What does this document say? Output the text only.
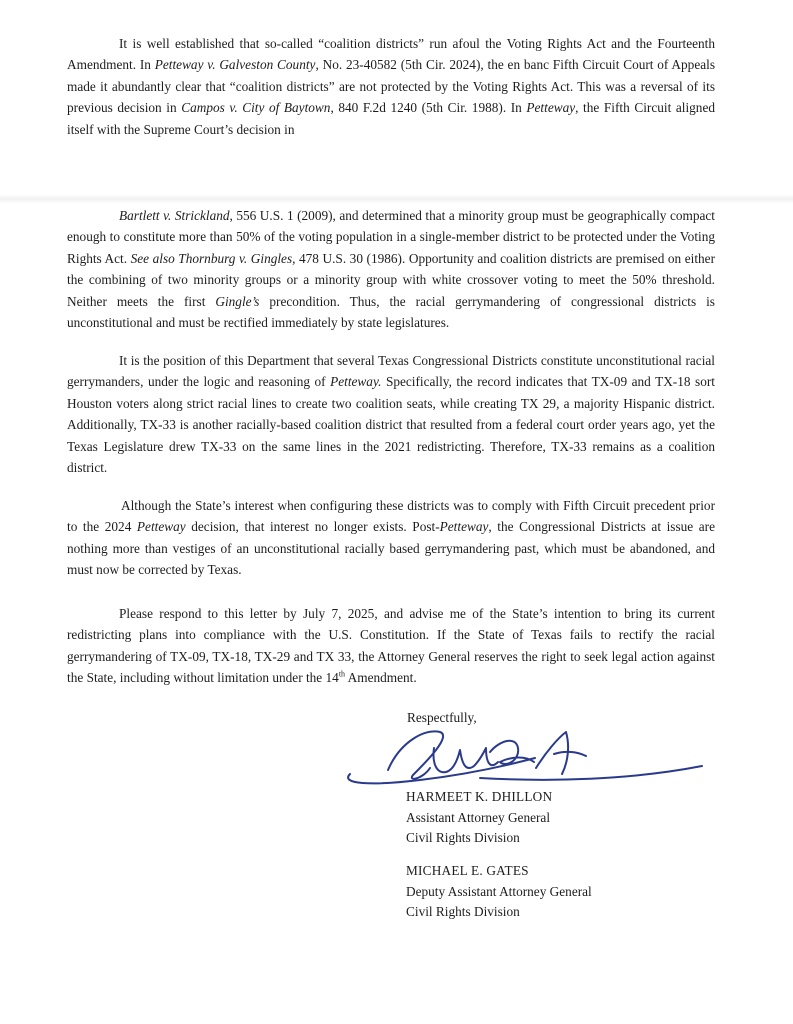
It is well established that so-called “coalition districts” run afoul the Voting Rights Act and the Fourteenth Amendment. In Petteway v. Galveston County, No. 23-40582 (5th Cir. 2024), the en banc Fifth Circuit Court of Appeals made it abundantly clear that “coalition districts” are not protected by the Voting Rights Act. This was a reversal of its previous decision in Campos v. City of Baytown, 840 F.2d 1240 (5th Cir. 1988). In Petteway, the Fifth Circuit aligned itself with the Supreme Court’s decision in

Bartlett v. Strickland, 556 U.S. 1 (2009), and determined that a minority group must be geographically compact enough to constitute more than 50% of the voting population in a single-member district to be protected under the Voting Rights Act. See also Thornburg v. Gingles, 478 U.S. 30 (1986). Opportunity and coalition districts are premised on either the combining of two minority groups or a minority group with white crossover voting to meet the 50% threshold. Neither meets the first Gingle’s precondition. Thus, the racial gerrymandering of congressional districts is unconstitutional and must be rectified immediately by state legislatures.

It is the position of this Department that several Texas Congressional Districts constitute unconstitutional racial gerrymanders, under the logic and reasoning of Petteway. Specifically, the record indicates that TX-09 and TX-18 sort Houston voters along strict racial lines to create two coalition seats, while creating TX 29, a majority Hispanic district. Additionally, TX-33 is another racially-based coalition district that resulted from a federal court order years ago, yet the Texas Legislature drew TX-33 on the same lines in the 2021 redistricting. Therefore, TX-33 remains as a coalition district.

Although the State’s interest when configuring these districts was to comply with Fifth Circuit precedent prior to the 2024 Petteway decision, that interest no longer exists. Post-Petteway, the Congressional Districts at issue are nothing more than vestiges of an unconstitutional racially based gerrymandering past, which must be abandoned, and must now be corrected by Texas.

Please respond to this letter by July 7, 2025, and advise me of the State’s intention to bring its current redistricting plans into compliance with the U.S. Constitution. If the State of Texas fails to rectify the racial gerrymandering of TX-09, TX-18, TX-29 and TX 33, the Attorney General reserves the right to seek legal action against the State, including without limitation under the 14th Amendment.

Respectfully,
HARMEET K. DHILLON
Assistant Attorney General
Civil Rights Division
MICHAEL E. GATES
Deputy Assistant Attorney General
Civil Rights Division
